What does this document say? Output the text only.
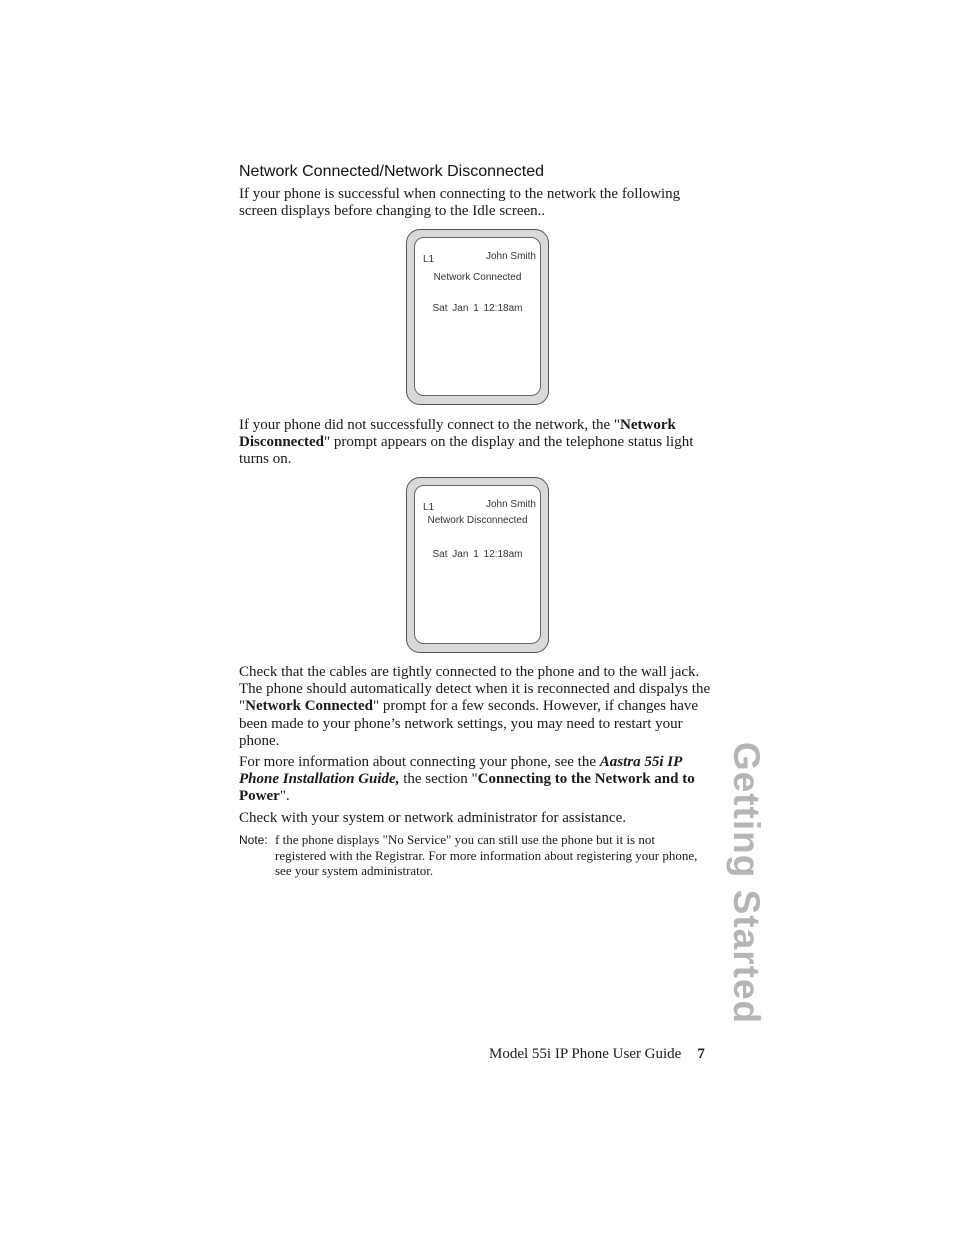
Network Connected/Network Disconnected

If your phone is successful when connecting to the network the following screen displays before changing to the Idle screen..

L1	John Smith
Network Connected
Sat Jan 1 12:18am

If your phone did not successfully connect to the network, the "Network Disconnected" prompt appears on the display and the telephone status light turns on.

L1	John Smith
Network Disconnected
Sat Jan 1 12:18am

Check that the cables are tightly connected to the phone and to the wall jack. The phone should automatically detect when it is reconnected and dispalys the "Network Connected" prompt for a few seconds. However, if changes have been made to your phone’s network settings, you may need to restart your phone.

For more information about connecting your phone, see the Aastra 55i IP Phone Installation Guide, the section "Connecting to the Network and to Power".

Check with your system or network administrator for assistance.

Note: f the phone displays "No Service" you can still use the phone but it is not registered with the Registrar. For more information about registering your phone, see your system administrator.	Getting Started
Model 55i IP Phone User Guide 7
